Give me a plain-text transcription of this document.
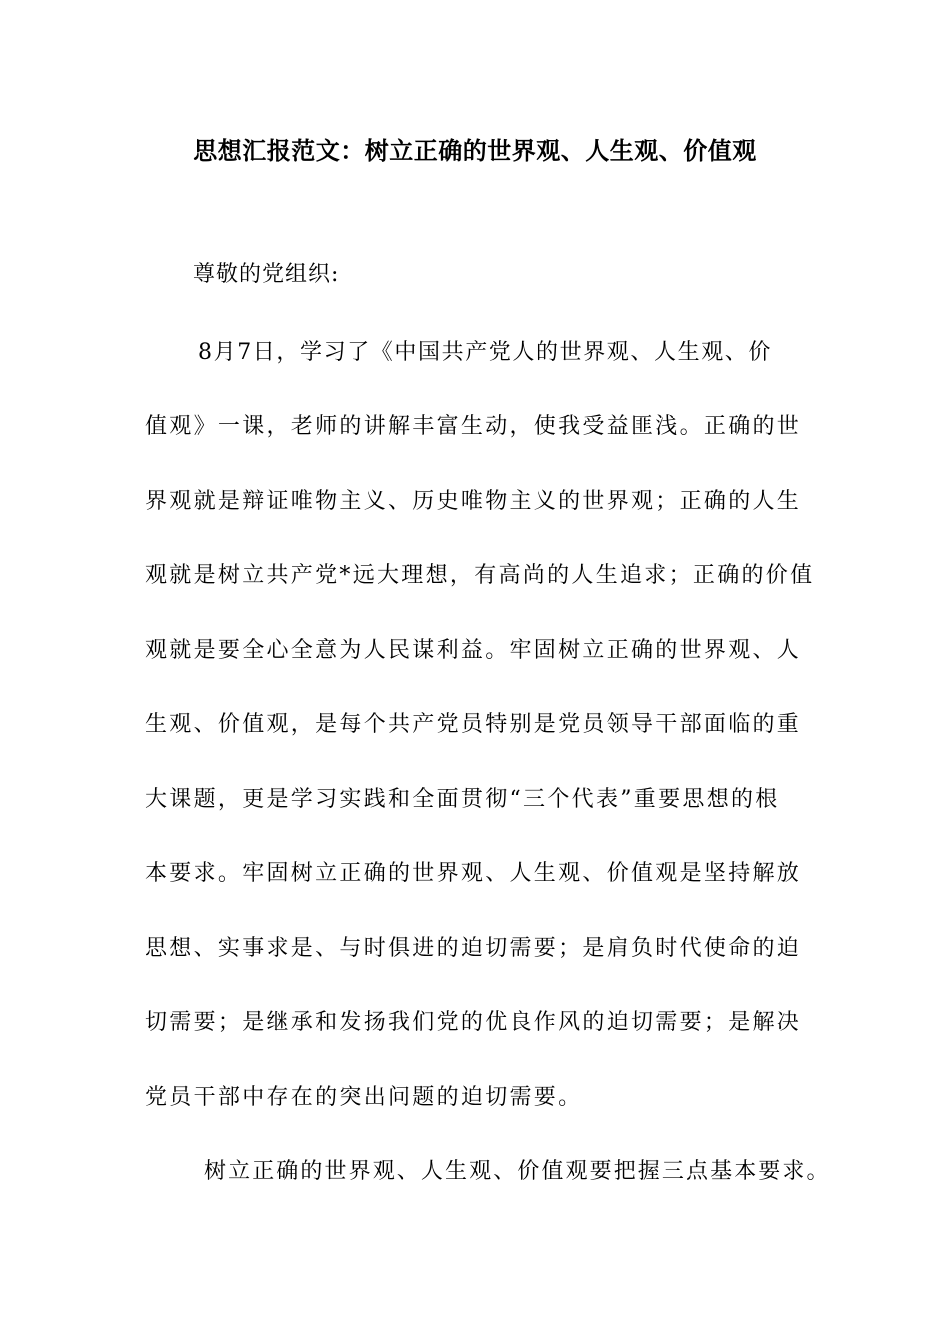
思想汇报范文：树立正确的世界观、人生观、价值观
尊敬的党组织:
8月7日，学习了《中国共产党人的世界观、人生观、价
值观》一课，老师的讲解丰富生动，使我受益匪浅。正确的世
界观就是辩证唯物主义、历史唯物主义的世界观；正确的人生
观就是树立共产党*远大理想，有高尚的人生追求；正确的价值
观就是要全心全意为人民谋利益。牢固树立正确的世界观、人
生观、价值观，是每个共产党员特别是党员领导干部面临的重
大课题，更是学习实践和全面贯彻“三个代表”重要思想的根
本要求。牢固树立正确的世界观、人生观、价值观是坚持解放
思想、实事求是、与时俱进的迫切需要；是肩负时代使命的迫
切需要；是继承和发扬我们党的优良作风的迫切需要；是解决
党员干部中存在的突出问题的迫切需要。
树立正确的世界观、人生观、价值观要把握三点基本要求。
